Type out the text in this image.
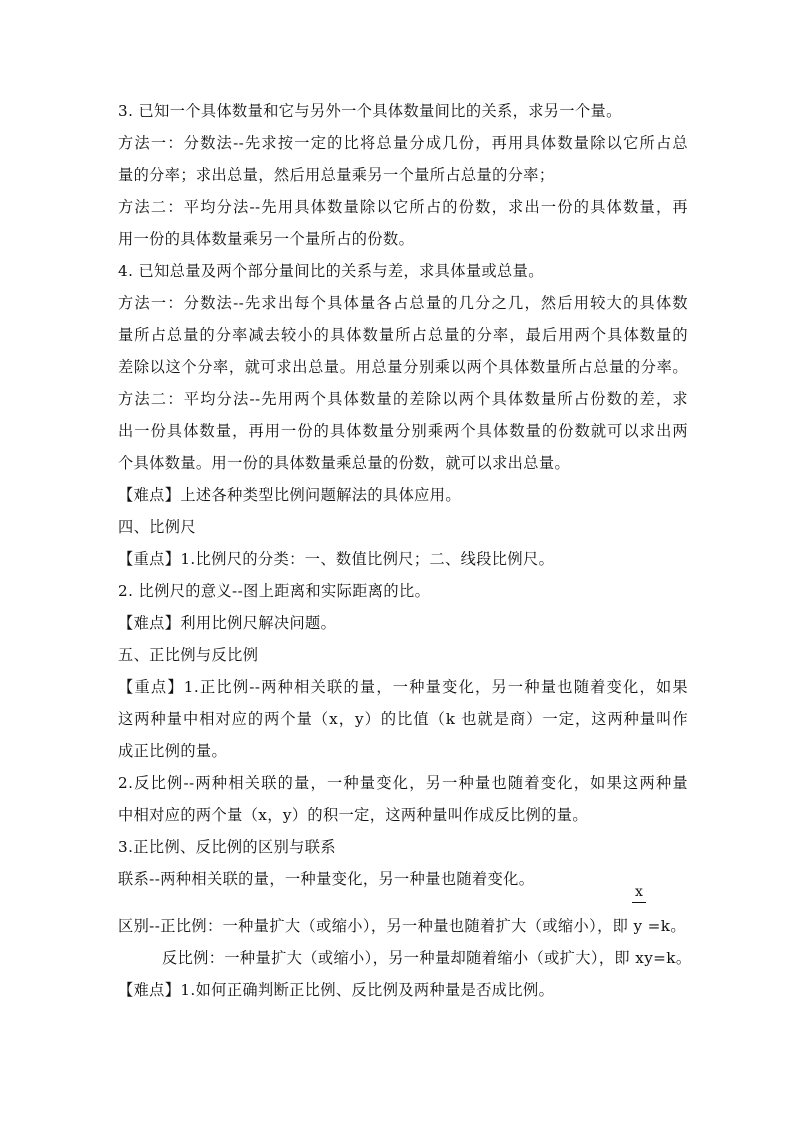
3. 已知一个具体数量和它与另外一个具体数量间比的关系，求另一个量。
方法一：分数法--先求按一定的比将总量分成几份，再用具体数量除以它所占总
量的分率；求出总量，然后用总量乘另一个量所占总量的分率；
方法二：平均分法--先用具体数量除以它所占的份数，求出一份的具体数量，再
用一份的具体数量乘另一个量所占的份数。
4. 已知总量及两个部分量间比的关系与差，求具体量或总量。
方法一：分数法--先求出每个具体量各占总量的几分之几，然后用较大的具体数
量所占总量的分率减去较小的具体数量所占总量的分率，最后用两个具体数量的
差除以这个分率，就可求出总量。用总量分别乘以两个具体数量所占总量的分率。
方法二：平均分法--先用两个具体数量的差除以两个具体数量所占份数的差，求
出一份具体数量，再用一份的具体数量分别乘两个具体数量的份数就可以求出两
个具体数量。用一份的具体数量乘总量的份数，就可以求出总量。
【难点】上述各种类型比例问题解法的具体应用。
四、比例尺
【重点】1.比例尺的分类：一、数值比例尺；二、线段比例尺。
2. 比例尺的意义--图上距离和实际距离的比。
【难点】利用比例尺解决问题。
五、正比例与反比例
【重点】1.正比例--两种相关联的量，一种量变化，另一种量也随着变化，如果
这两种量中相对应的两个量（x，y）的比值（k 也就是商）一定，这两种量叫作
成正比例的量。
2.反比例--两种相关联的量，一种量变化，另一种量也随着变化，如果这两种量
中相对应的两个量（x，y）的积一定，这两种量叫作成反比例的量。
3.正比例、反比例的区别与联系
联系--两种相关联的量，一种量变化，另一种量也随着变化。
x
区别--正比例：一种量扩大（或缩小），另一种量也随着扩大（或缩小），即 y =k。
反比例：一种量扩大（或缩小），另一种量却随着缩小（或扩大），即 xy=k。
【难点】1.如何正确判断正比例、反比例及两种量是否成比例。
